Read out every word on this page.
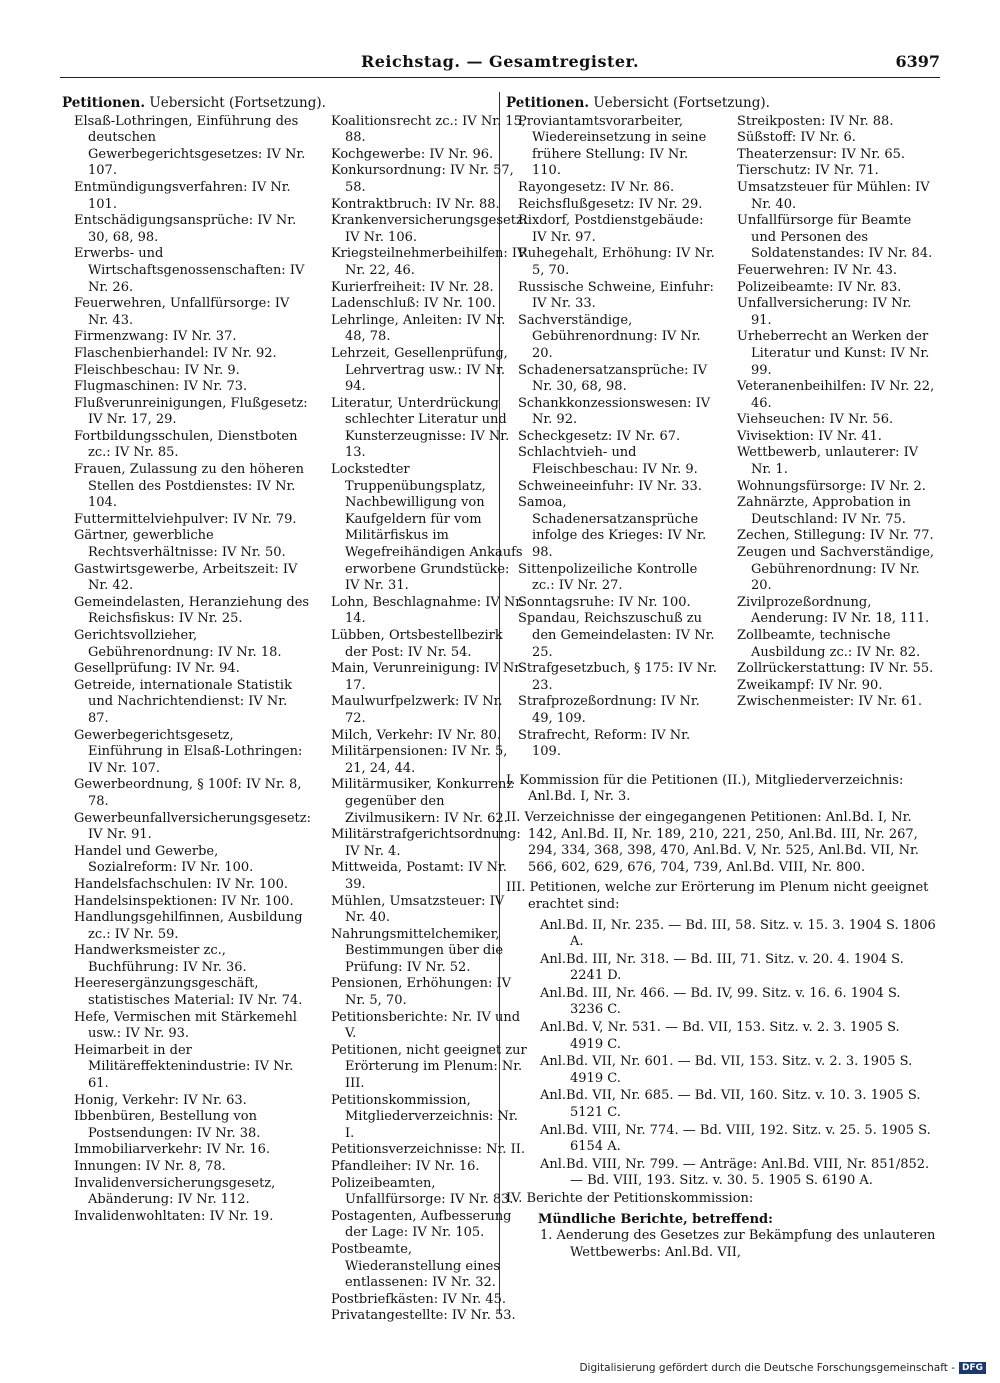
Reichstag. — Gesamtregister.	6397
Petitionen. Uebersicht (Fortsetzung).
Elsaß-Lothringen, Einführung des deutschen Gewerbegerichtsgesetzes: IV Nr. 107.
Entmündigungsverfahren: IV Nr. 101.
Entschädigungsansprüche: IV Nr. 30, 68, 98.
Erwerbs- und Wirtschaftsgenossenschaften: IV Nr. 26.
Feuerwehren, Unfallfürsorge: IV Nr. 43.
Firmenzwang: IV Nr. 37.
Flaschenbierhandel: IV Nr. 92.
Fleischbeschau: IV Nr. 9.
Flugmaschinen: IV Nr. 73.
Flußverunreinigungen, Flußgesetz: IV Nr. 17, 29.
Fortbildungsschulen, Dienstboten zc.: IV Nr. 85.
Frauen, Zulassung zu den höheren Stellen des Postdienstes: IV Nr. 104.
Futtermittelviehpulver: IV Nr. 79.
Gärtner, gewerbliche Rechtsverhältnisse: IV Nr. 50.
Gastwirtsgewerbe, Arbeitszeit: IV Nr. 42.
Gemeindelasten, Heranziehung des Reichsfiskus: IV Nr. 25.
Gerichtsvollzieher, Gebührenordnung: IV Nr. 18.
Gesellprüfung: IV Nr. 94.
Getreide, internationale Statistik und Nachrichtendienst: IV Nr. 87.
Gewerbegerichtsgesetz, Einführung in Elsaß-Lothringen: IV Nr. 107.
Gewerbeordnung, § 100f: IV Nr. 8, 78.
Gewerbeunfallversicherungsgesetz: IV Nr. 91.
Handel und Gewerbe, Sozialreform: IV Nr. 100.
Handelsfachschulen: IV Nr. 100.
Handelsinspektionen: IV Nr. 100.
Handlungsgehilfinnen, Ausbildung zc.: IV Nr. 59.
Handwerksmeister zc., Buchführung: IV Nr. 36.
Heeresergänzungsgeschäft, statistisches Material: IV Nr. 74.
Hefe, Vermischen mit Stärkemehl usw.: IV Nr. 93.
Heimarbeit in der Militäreffektenindustrie: IV Nr. 61.
Honig, Verkehr: IV Nr. 63.
Ibbenbüren, Bestellung von Postsendungen: IV Nr. 38.
Immobiliarverkehr: IV Nr. 16.
Innungen: IV Nr. 8, 78.
Invalidenversicherungsgesetz, Abänderung: IV Nr. 112.
Invalidenwohltaten: IV Nr. 19.
Koalitionsrecht zc.: IV Nr. 15, 88.
Kochgewerbe: IV Nr. 96.
Konkursordnung: IV Nr. 57, 58.
Kontraktbruch: IV Nr. 88.
Krankenversicherungsgesetz: IV Nr. 106.
Kriegsteilnehmerbeihilfen: IV Nr. 22, 46.
Kurierfreiheit: IV Nr. 28.
Ladenschluß: IV Nr. 100.
Lehrlinge, Anleiten: IV Nr. 48, 78.
Lehrzeit, Gesellenprüfung, Lehrvertrag usw.: IV Nr. 94.
Literatur, Unterdrückung schlechter Literatur und Kunsterzeugnisse: IV Nr. 13.
Lockstedter Truppenübungsplatz, Nachbewilligung von Kaufgeldern für vom Militärfiskus im Wegefreihändigen Ankaufs erworbene Grundstücke: IV Nr. 31.
Lohn, Beschlagnahme: IV Nr. 14.
Lübben, Ortsbestellbezirk der Post: IV Nr. 54.
Main, Verunreinigung: IV Nr. 17.
Maulwurfpelzwerk: IV Nr. 72.
Milch, Verkehr: IV Nr. 80.
Militärpensionen: IV Nr. 5, 21, 24, 44.
Militärmusiker, Konkurrenz gegenüber den Zivilmusikern: IV Nr. 62.
Militärstrafgerichtsordnung: IV Nr. 4.
Mittweida, Postamt: IV Nr. 39.
Mühlen, Umsatzsteuer: IV Nr. 40.
Nahrungsmittelchemiker, Bestimmungen über die Prüfung: IV Nr. 52.
Pensionen, Erhöhungen: IV Nr. 5, 70.
Petitionsberichte: Nr. IV und V.
Petitionen, nicht geeignet zur Erörterung im Plenum: Nr. III.
Petitionskommission, Mitgliederverzeichnis: Nr. I.
Petitionsverzeichnisse: Nr. II.
Pfandleiher: IV Nr. 16.
Polizeibeamten, Unfallfürsorge: IV Nr. 83.
Postagenten, Aufbesserung der Lage: IV Nr. 105.
Postbeamte, Wiederanstellung eines entlassenen: IV Nr. 32.
Postbriefkästen: IV Nr. 45.
Privatangestellte: IV Nr. 53.
Petitionen. Uebersicht (Fortsetzung).
Proviantamtsvorarbeiter, Wiedereinsetzung in seine frühere Stellung: IV Nr. 110.
Rayongesetz: IV Nr. 86.
Reichsflußgesetz: IV Nr. 29.
Rixdorf, Postdienstgebäude: IV Nr. 97.
Ruhegehalt, Erhöhung: IV Nr. 5, 70.
Russische Schweine, Einfuhr: IV Nr. 33.
Sachverständige, Gebührenordnung: IV Nr. 20.
Schadenersatzansprüche: IV Nr. 30, 68, 98.
Schankkonzessionswesen: IV Nr. 92.
Scheckgesetz: IV Nr. 67.
Schlachtvieh- und Fleischbeschau: IV Nr. 9.
Schweineeinfuhr: IV Nr. 33.
Samoa, Schadenersatzansprüche infolge des Krieges: IV Nr. 98.
Sittenpolizeiliche Kontrolle zc.: IV Nr. 27.
Sonntagsruhe: IV Nr. 100.
Spandau, Reichszuschuß zu den Gemeindelasten: IV Nr. 25.
Strafgesetzbuch, § 175: IV Nr. 23.
Strafprozeßordnung: IV Nr. 49, 109.
Strafrecht, Reform: IV Nr. 109.
Streikposten: IV Nr. 88.
Süßstoff: IV Nr. 6.
Theaterzensur: IV Nr. 65.
Tierschutz: IV Nr. 71.
Umsatzsteuer für Mühlen: IV Nr. 40.
Unfallfürsorge für Beamte und Personen des Soldatenstandes: IV Nr. 84.
Feuerwehren: IV Nr. 43.
Polizeibeamte: IV Nr. 83.
Unfallversicherung: IV Nr. 91.
Urheberrecht an Werken der Literatur und Kunst: IV Nr. 99.
Veteranenbeihilfen: IV Nr. 22, 46.
Viehseuchen: IV Nr. 56.
Vivisektion: IV Nr. 41.
Wettbewerb, unlauterer: IV Nr. 1.
Wohnungsfürsorge: IV Nr. 2.
Zahnärzte, Approbation in Deutschland: IV Nr. 75.
Zechen, Stillegung: IV Nr. 77.
Zeugen und Sachverständige, Gebührenordnung: IV Nr. 20.
Zivilprozeßordnung, Aenderung: IV Nr. 18, 111.
Zollbeamte, technische Ausbildung zc.: IV Nr. 82.
Zollrückerstattung: IV Nr. 55.
Zweikampf: IV Nr. 90.
Zwischenmeister: IV Nr. 61.
I. Kommission für die Petitionen (II.), Mitgliederverzeichnis: Anl.Bd. I, Nr. 3.
II. Verzeichnisse der eingegangenen Petitionen: Anl.Bd. I, Nr. 142, Anl.Bd. II, Nr. 189, 210, 221, 250, Anl.Bd. III, Nr. 267, 294, 334, 368, 398, 470, Anl.Bd. V, Nr. 525, Anl.Bd. VII, Nr. 566, 602, 629, 676, 704, 739, Anl.Bd. VIII, Nr. 800.
III. Petitionen, welche zur Erörterung im Plenum nicht geeignet erachtet sind:
Anl.Bd. II, Nr. 235. — Bd. III, 58. Sitz. v. 15. 3. 1904 S. 1806 A.
Anl.Bd. III, Nr. 318. — Bd. III, 71. Sitz. v. 20. 4. 1904 S. 2241 D.
Anl.Bd. III, Nr. 466. — Bd. IV, 99. Sitz. v. 16. 6. 1904 S. 3236 C.
Anl.Bd. V, Nr. 531. — Bd. VII, 153. Sitz. v. 2. 3. 1905 S. 4919 C.
Anl.Bd. VII, Nr. 601. — Bd. VII, 153. Sitz. v. 2. 3. 1905 S. 4919 C.
Anl.Bd. VII, Nr. 685. — Bd. VII, 160. Sitz. v. 10. 3. 1905 S. 5121 C.
Anl.Bd. VIII, Nr. 774. — Bd. VIII, 192. Sitz. v. 25. 5. 1905 S. 6154 A.
Anl.Bd. VIII, Nr. 799. — Anträge: Anl.Bd. VIII, Nr. 851/852. — Bd. VIII, 193. Sitz. v. 30. 5. 1905 S. 6190 A.
IV. Berichte der Petitionskommission:
Mündliche Berichte, betreffend:
1. Aenderung des Gesetzes zur Bekämpfung des unlauteren Wettbewerbs: Anl.Bd. VII,
Digitalisierung gefördert durch die Deutsche Forschungsgemeinschaft - DFG
